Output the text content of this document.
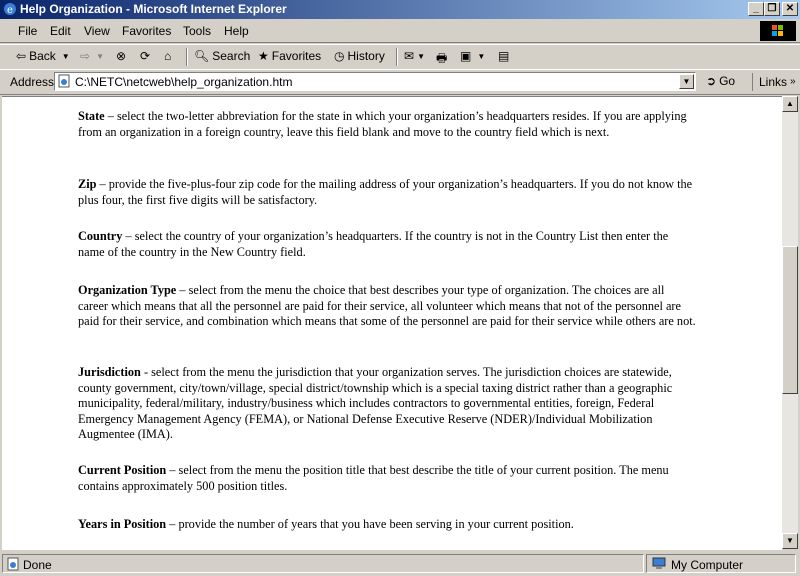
e Help Organization - Microsoft Internet Explorer	_ ❐ ✕
File Edit View Favorites Tools Help
⇦ Back ▼ ⇨ ▼ ⊗ ⟳ ⌂ 🔍︎ Search ★ Favorites ◷ History ✉ ▼ 🖶 ▣ ▼ ▤
Address C:\NETC\netcweb\help_organization.htm	▼ ➲ Go	Links »
State – select the two-letter abbreviation for the state in which your organization’s headquarters resides. If you are applying from an organization in a foreign country, leave this field blank and move to the country field which is next.
Zip – provide the five-plus-four zip code for the mailing address of your organization’s headquarters. If you do not know the plus four, the first five digits will be satisfactory.
Country – select the country of your organization’s headquarters. If the country is not in the Country List then enter the name of the country in the New Country field.
Organization Type – select from the menu the choice that best describes your type of organization. The choices are all career which means that all the personnel are paid for their service, all volunteer which means that not of the personnel are paid for their service, and combination which means that some of the personnel are paid for their service while others are not.
Jurisdiction - select from the menu the jurisdiction that your organization serves. The jurisdiction choices are statewide, county government, city/town/village, special district/township which is a special taxing district rather than a geographic municipality, federal/military, industry/business which includes contractors to governmental entities, foreign, Federal Emergency Management Agency (FEMA), or National Defense Executive Reserve (NDER)/Individual Mobilization Augmentee (IMA).
Current Position – select from the menu the position title that best describe the title of your current position. The menu contains approximately 500 position titles.
Years in Position – provide the number of years that you have been serving in your current position.
▲
▼
Done	My Computer
